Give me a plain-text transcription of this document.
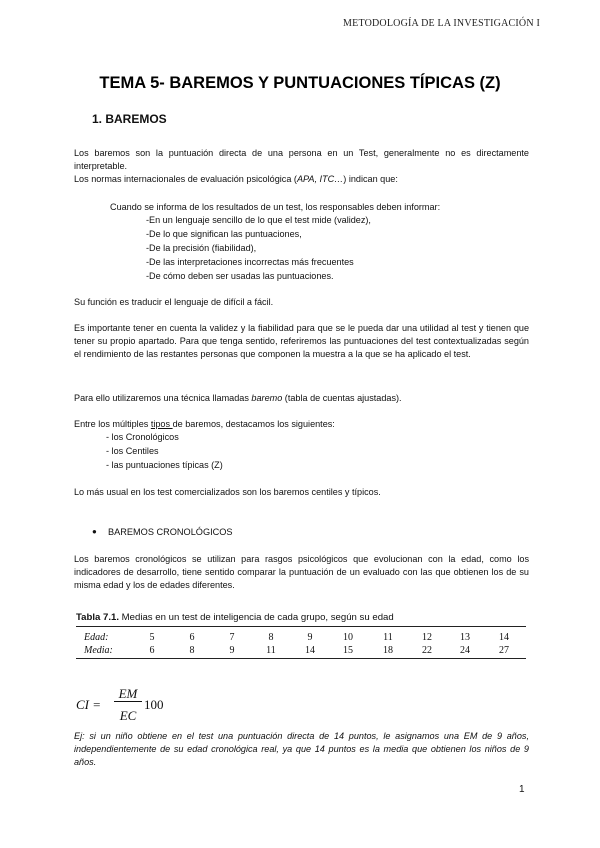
METODOLOGÍA DE LA INVESTIGACIÓN I
TEMA 5- BAREMOS Y PUNTUACIONES TÍPICAS (Z)
1. BAREMOS
Los baremos son la puntuación directa de una persona en un Test, generalmente no es directamente interpretable.
Los normas internacionales de evaluación psicológica (APA, ITC…) indican que:
Cuando se informa de los resultados de un test, los responsables deben informar:
-En un lenguaje sencillo de lo que el test mide (validez),
-De lo que significan las puntuaciones,
-De la precisión (fiabilidad),
-De las interpretaciones incorrectas más frecuentes
-De cómo deben ser usadas las puntuaciones.
Su función es traducir el lenguaje de difícil a fácil.
Es importante tener en cuenta la validez y la fiabilidad para que se le pueda dar una utilidad al test y tienen que tener su propio apartado. Para que tenga sentido, referiremos las puntuaciones del test contextualizadas según el rendimiento de las restantes personas que componen la muestra a la que se ha aplicado el test.
Para ello utilizaremos una técnica llamadas baremo (tabla de cuentas ajustadas).
Entre los múltiples tipos de baremos, destacamos los siguientes:
- los Cronológicos
- los Centiles
- las puntuaciones típicas (Z)
Lo más usual en los test comercializados son los baremos centiles y típicos.
● BAREMOS CRONOLÓGICOS
Los baremos cronológicos se utilizan para rasgos psicológicos que evolucionan con la edad, como los indicadores de desarrollo, tiene sentido comparar la puntuación de un evaluado con las que obtienen los de su misma edad y los de edades diferentes.
Tabla 7.1. Medias en un test de inteligencia de cada grupo, según su edad
Edad:	5	6	7	8	9	10	11	12	13	14
Media:	6	8	9	11	14	15	18	22	24	27
CI =
EM
EC
100
Ej: si un niño obtiene en el test una puntuación directa de 14 puntos, le asignamos una EM de 9 años, independientemente de su edad cronológica real, ya que 14 puntos es la media que obtienen los niños de 9 años.
1
